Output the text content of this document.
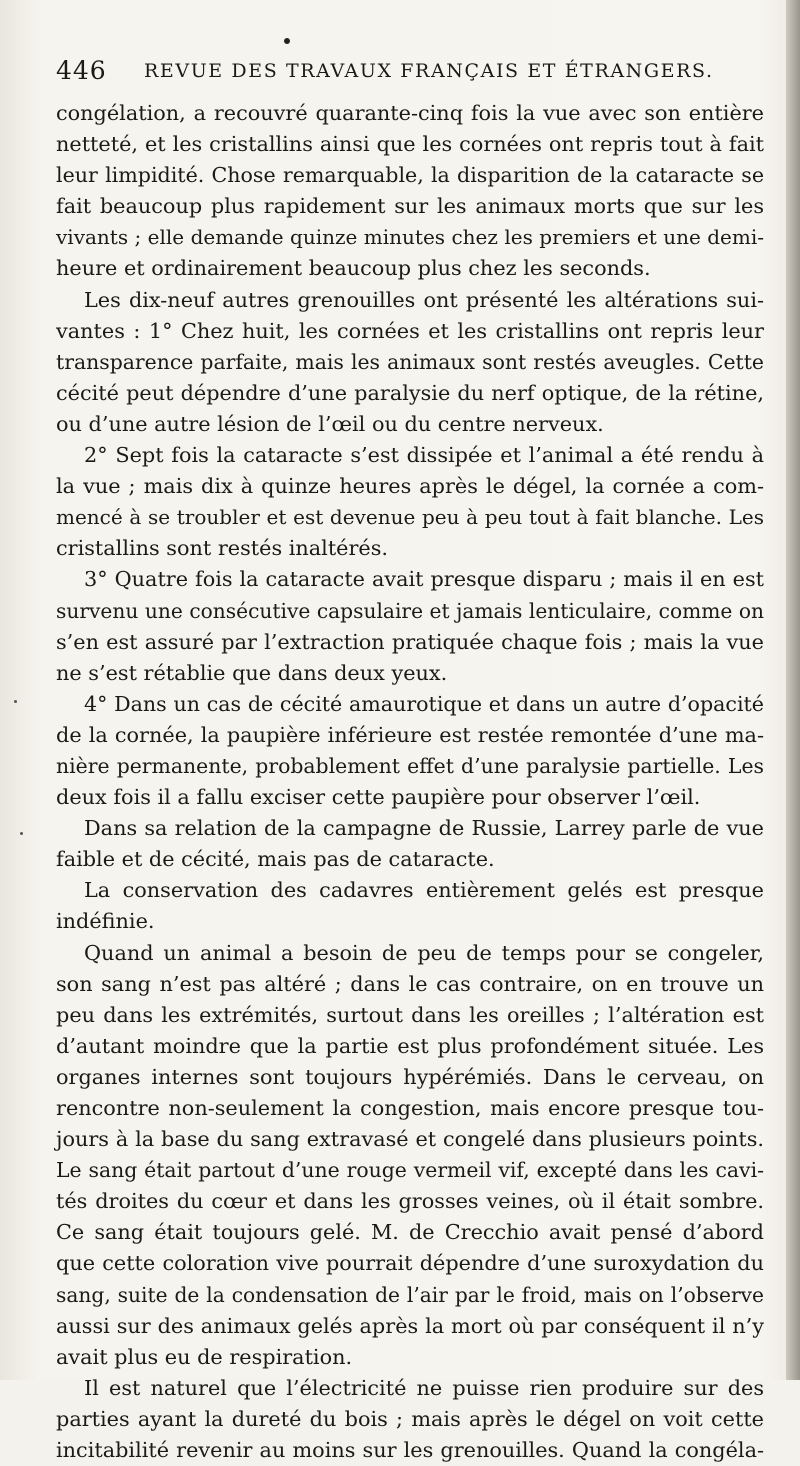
446 REVUE DES TRAVAUX FRANÇAIS ET ÉTRANGERS.
congélation, a recouvré quarante-cinq fois la vue avec son entière
netteté, et les cristallins ainsi que les cornées ont repris tout à fait
leur limpidité. Chose remarquable, la disparition de la cataracte se
fait beaucoup plus rapidement sur les animaux morts que sur les
vivants ; elle demande quinze minutes chez les premiers et une demi-
heure et ordinairement beaucoup plus chez les seconds.
Les dix-neuf autres grenouilles ont présenté les altérations sui-
vantes : 1° Chez huit, les cornées et les cristallins ont repris leur
transparence parfaite, mais les animaux sont restés aveugles. Cette
cécité peut dépendre d’une paralysie du nerf optique, de la rétine,
ou d’une autre lésion de l’œil ou du centre nerveux.
2° Sept fois la cataracte s’est dissipée et l’animal a été rendu à
la vue ; mais dix à quinze heures après le dégel, la cornée a com-
mencé à se troubler et est devenue peu à peu tout à fait blanche. Les
cristallins sont restés inaltérés.
3° Quatre fois la cataracte avait presque disparu ; mais il en est
survenu une consécutive capsulaire et jamais lenticulaire, comme on
s’en est assuré par l’extraction pratiquée chaque fois ; mais la vue
ne s’est rétablie que dans deux yeux.
4° Dans un cas de cécité amaurotique et dans un autre d’opacité
de la cornée, la paupière inférieure est restée remontée d’une ma-
nière permanente, probablement effet d’une paralysie partielle. Les
deux fois il a fallu exciser cette paupière pour observer l’œil.
Dans sa relation de la campagne de Russie, Larrey parle de vue
faible et de cécité, mais pas de cataracte.
La conservation des cadavres entièrement gelés est presque
indéfinie.
Quand un animal a besoin de peu de temps pour se congeler,
son sang n’est pas altéré ; dans le cas contraire, on en trouve un
peu dans les extrémités, surtout dans les oreilles ; l’altération est
d’autant moindre que la partie est plus profondément située. Les
organes internes sont toujours hypérémiés. Dans le cerveau, on
rencontre non-seulement la congestion, mais encore presque tou-
jours à la base du sang extravasé et congelé dans plusieurs points.
Le sang était partout d’une rouge vermeil vif, excepté dans les cavi-
tés droites du cœur et dans les grosses veines, où il était sombre.
Ce sang était toujours gelé. M. de Crecchio avait pensé d’abord
que cette coloration vive pourrait dépendre d’une suroxydation du
sang, suite de la condensation de l’air par le froid, mais on l’observe
aussi sur des animaux gelés après la mort où par conséquent il n’y
avait plus eu de respiration.
Il est naturel que l’électricité ne puisse rien produire sur des
parties ayant la dureté du bois ; mais après le dégel on voit cette
incitabilité revenir au moins sur les grenouilles. Quand la congéla-
